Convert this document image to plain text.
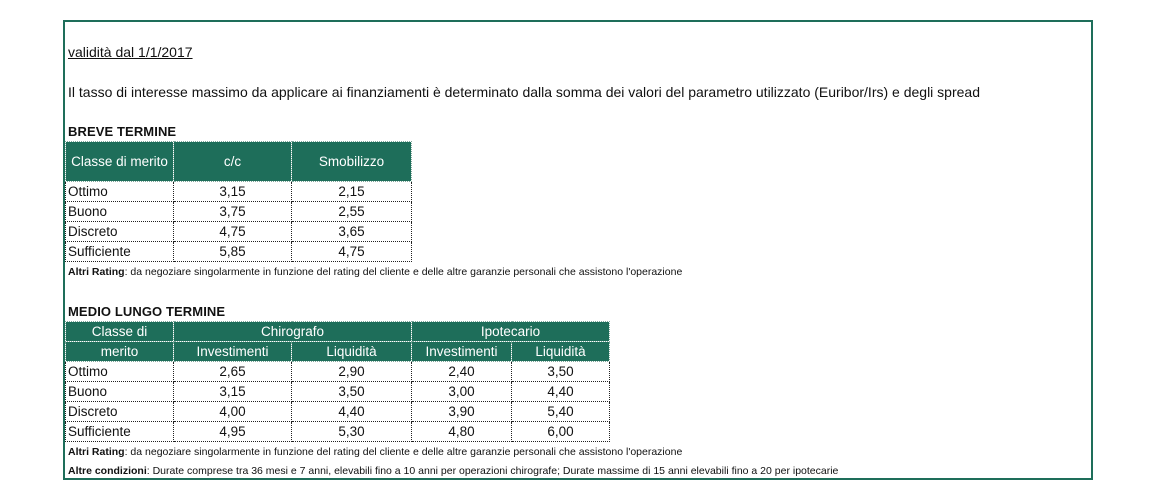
validità dal 1/1/2017
Il tasso di interesse massimo da applicare ai finanziamenti è determinato dalla somma dei valori del parametro utilizzato (Euribor/Irs) e degli spread
BREVE TERMINE
Classe di merito	c/c	Smobilizzo
Ottimo	3,15	2,15
Buono	3,75	2,55
Discreto	4,75	3,65
Sufficiente	5,85	4,75
Altri Rating: da negoziare singolarmente in funzione del rating del cliente e delle altre garanzie personali che assistono l'operazione
MEDIO LUNGO TERMINE
Classe di	Chirografo		Ipotecario	
merito	Investimenti	Liquidità	Investimenti	Liquidità
Ottimo	2,65	2,90	2,40	3,50
Buono	3,15	3,50	3,00	4,40
Discreto	4,00	4,40	3,90	5,40
Sufficiente	4,95	5,30	4,80	6,00
Altri Rating: da negoziare singolarmente in funzione del rating del cliente e delle altre garanzie personali che assistono l'operazione
Altre condizioni: Durate comprese tra 36 mesi e 7 anni, elevabili fino a 10 anni per operazioni chirografe; Durate massime di 15 anni elevabili fino a 20 per ipotecarie
